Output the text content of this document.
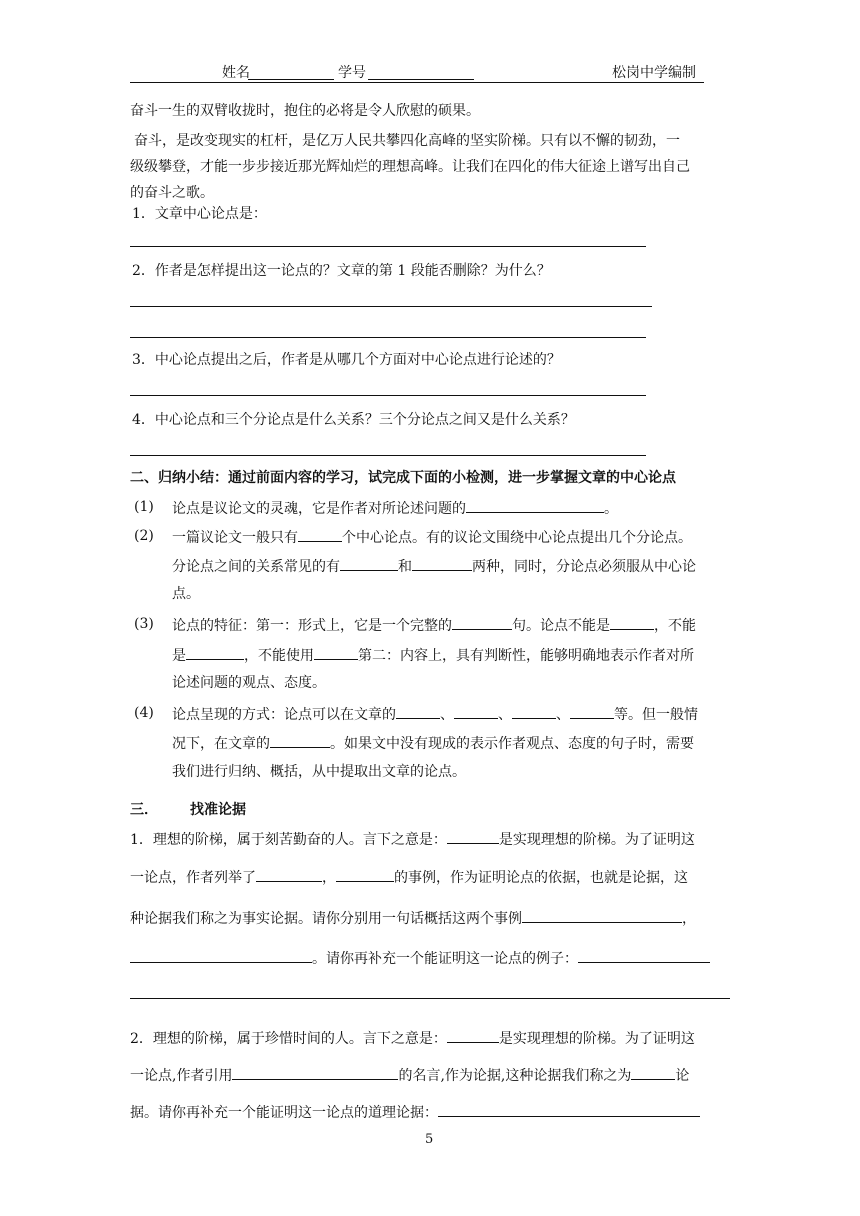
姓名	学号	松岗中学编制
奋斗一生的双臂收拢时，抱住的必将是令人欣慰的硕果。
奋斗，是改变现实的杠杆，是亿万人民共攀四化高峰的坚实阶梯。只有以不懈的韧劲，一
级级攀登，才能一步步接近那光辉灿烂的理想高峰。让我们在四化的伟大征途上谱写出自己
的奋斗之歌。
1．文章中心论点是：
2．作者是怎样提出这一论点的？文章的第 1 段能否删除？为什么？
3．中心论点提出之后，作者是从哪几个方面对中心论点进行论述的？
4．中心论点和三个分论点是什么关系？三个分论点之间又是什么关系？
二、归纳小结：通过前面内容的学习，试完成下面的小检测，进一步掌握文章的中心论点
(1) 论点是议论文的灵魂，它是作者对所论述问题的	。
(2) 一篇议论文一般只有	个中心论点。有的议论文围绕中心论点提出几个分论点。
分论点之间的关系常见的有	和	两种，同时，分论点必须服从中心论
点。
(3) 论点的特征：第一：形式上，它是一个完整的	句。论点不能是	，不能
是	，不能使用	第二：内容上，具有判断性，能够明确地表示作者对所
论述问题的观点、态度。
(4) 论点呈现的方式：论点可以在文章的	、	、	、	等。但一般情
况下，在文章的	。如果文中没有现成的表示作者观点、态度的句子时，需要
我们进行归纳、概括，从中提取出文章的论点。
三． 找准论据
1．理想的阶梯，属于刻苦勤奋的人。言下之意是：	是实现理想的阶梯。为了证明这
一论点，作者列举了	，	的事例，作为证明论点的依据，也就是论据，这
种论据我们称之为事实论据。请你分别用一句话概括这两个事例	，
。请你再补充一个能证明这一论点的例子：
2．理想的阶梯，属于珍惜时间的人。言下之意是：	是实现理想的阶梯。为了证明这
一论点,作者引用	的名言,作为论据,这种论据我们称之为	论
据。请你再补充一个能证明这一论点的道理论据：
5
